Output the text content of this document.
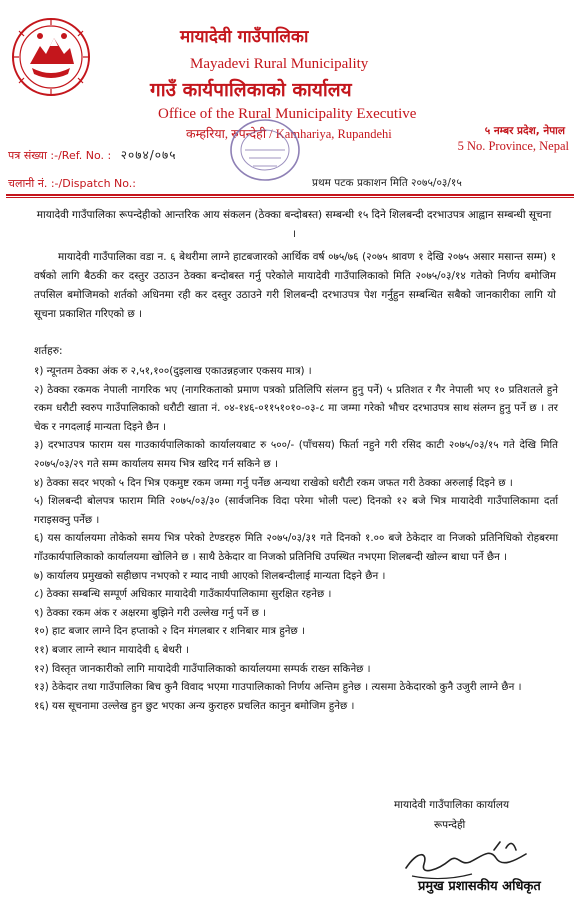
मायादेवी गाउँपालिका
Mayadevi Rural Municipality
गाउँ कार्यपालिकाको कार्यालय
Office of the Rural Municipality Executive
कम्हरिया, रुपन्देही / Kamhariya, Rupandehi	५ नम्बर प्रदेश, नेपाल
5 No. Province, Nepal
पत्र संख्या :-/Ref. No. : २०७४/०७५
चलानी नं. :-/Dispatch No.:	प्रथम पटक प्रकाशन मिति २०७५/०३/१५
मायादेवी गाउँपालिका रूपन्देहीको आन्तरिक आय संकलन (ठेक्का बन्दोबस्त) सम्बन्धी १५ दिने शिलबन्दी दरभाउपत्र आह्वान सम्बन्धी सूचना ।
मायादेवी गाउँपालिका वडा न. ६ बेथरीमा लाग्ने हाटबजारको आर्थिक वर्ष ०७५/७६ (२०७५ श्रावण १ देखि २०७५ असार मसान्त सम्म) १ वर्षको लागि बैठकी कर दस्तुर उठाउन ठेक्का बन्दोबस्त गर्नु परेकोले मायादेवी गाउँपालिकाको मिति २०७५/०३/१४ गतेको निर्णय बमोजिम तपसिल बमोजिमको शर्तको अधिनमा रही कर दस्तुर उठाउने गरी शिलबन्दी दरभाउपत्र पेश गर्नुहुन सम्बन्धित सबैको जानकारीका लागि यो सूचना प्रकाशित गरिएको छ ।
शर्तहरु:
१) न्यूनतम ठेक्का अंक रु २,५१,१००(दुइलाख एकाउन्नहजार एकसय मात्र) ।
२) ठेक्का रकमक नेपाली नागरिक भए (नागरिकताको प्रमाण पत्रको प्रतिलिपि संलग्न हुनु पर्ने) ५ प्रतिशत र गैर नेपाली भए १० प्रतिशतले हुने रकम धरौटी स्वरुप गाउँपालिकाको धरौटी खाता नं. ०४-१४६-०११५१०१०-०३-८ मा जम्मा गरेको भौचर दरभाउपत्र साथ संलग्न हुनु पर्ने छ । तर चेक र नगदलाई मान्यता दिइने छैन ।
३) दरभाउपत्र फाराम यस गाउकार्यपालिकाको कार्यालयबाट रु ५००/- (पाँचसय) फिर्ता नहुने गरी रसिद काटी २०७५/०३/१५ गते देखि मिति २०७५/०३/२९ गते सम्म कार्यालय समय भित्र खरिद गर्न सकिने छ ।
४) ठेक्का सदर भएको ५ दिन भित्र एकमुष्ट रकम जम्मा गर्नु पर्नेछ अन्यथा राखेको धरौटी रकम जफत गरी ठेक्का अरुलाई दिइने छ ।
५) शिलबन्दी बोलपत्र फाराम मिति २०७५/०३/३० (सार्वजनिक विदा परेमा भोली पल्ट) दिनको १२ बजे भित्र मायादेवी गाउँपालिकामा दर्ता गराइसक्नु पर्नेछ ।
६) यस कार्यालयमा तोकेको समय भित्र परेको टेण्डरहरु मिति २०७५/०३/३१ गते दिनको १.०० बजे ठेकेदार वा निजको प्रतिनिधिको रोहबरमा गाँउकार्यपालिकाको कार्यालयमा खोलिने छ । साथै ठेकेदार वा निजको प्रतिनिधि उपस्थित नभएमा शिलबन्दी खोल्न बाधा पर्ने छैन ।
७) कार्यालय प्रमुखको सहीछाप नभएको र म्याद नाघी आएको शिलबन्दीलाई मान्यता दिइने छैन ।
८) ठेक्का सम्बन्धि सम्पूर्ण अधिकार मायादेवी गाउँकार्यपालिकामा सुरक्षित रहनेछ ।
९) ठेक्का रकम अंक र अक्षरमा बुझिने गरी उल्लेख गर्नु पर्ने छ ।
१०) हाट बजार लाग्ने दिन हप्ताको २ दिन मंगलबार र शनिबार मात्र हुनेछ ।
११) बजार लाग्ने स्थान मायादेवी ६ बेथरी ।
१२) विस्तृत जानकारीको लागि मायादेवी गाउँपालिकाको कार्यालयमा सम्पर्क राख्न सकिनेछ ।
१३) ठेकेदार तथा गाउँपालिका बिच कुनै विवाद भएमा गाउपालिकाको निर्णय अन्तिम हुनेछ । त्यसमा ठेकेदारको कुनै उजुरी लाग्ने छैन ।
१६) यस सूचनामा उल्लेख हुन छुट भएका अन्य कुराहरु प्रचलित कानुन बमोजिम हुनेछ ।
मायादेवी गाउँपालिका कार्यालय
रूपन्देही
प्रमुख प्रशासकीय अधिकृत
